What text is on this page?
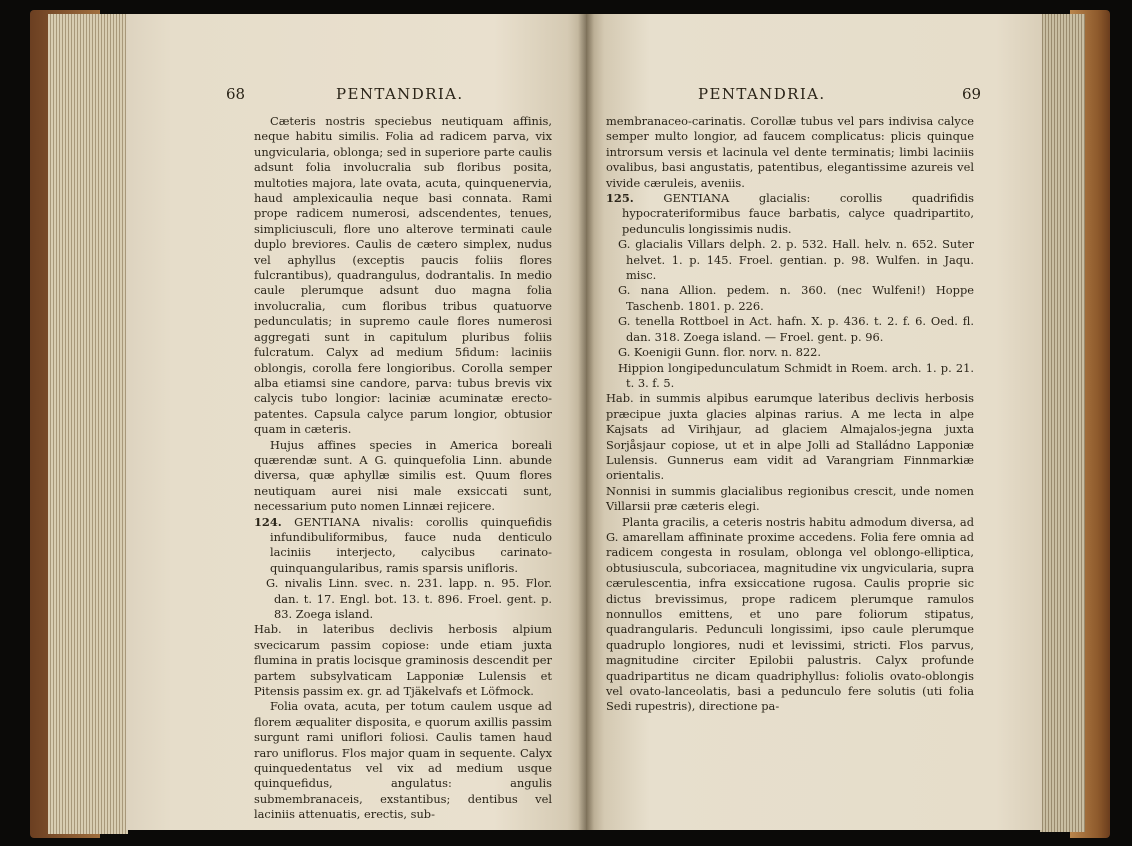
68	PENTANDRIA.

Cæteris nostris speciebus neutiquam affinis, neque habitu similis. Folia ad radicem parva, vix ungvicularia, oblonga; sed in superiore parte caulis adsunt folia involucralia sub floribus posita, multoties majora, late ovata, acuta, quinquenervia, haud amplexicaulia neque basi connata. Rami prope radicem numerosi, adscendentes, tenues, simpliciusculi, flore uno alterove terminati caule duplo breviores. Caulis de cætero simplex, nudus vel aphyllus (exceptis paucis foliis flores fulcrantibus), quadrangulus, dodrantalis. In medio caule plerumque adsunt duo magna folia involucralia, cum floribus tribus quatuorve pedunculatis; in supremo caule flores numerosi aggregati sunt in capitulum pluribus foliis fulcratum. Calyx ad medium 5fidum: laciniis oblongis, corolla fere longioribus. Corolla semper alba etiamsi sine candore, parva: tubus brevis vix calycis tubo longior: laciniæ acuminatæ erecto-patentes. Capsula calyce parum longior, obtusior quam in cæteris.

Hujus affines species in America boreali quærendæ sunt. A G. quinquefolia Linn. abunde diversa, quæ aphyllæ similis est. Quum flores neutiquam aurei nisi male exsiccati sunt, necessarium puto nomen Linnæi rejicere.

124. GENTIANA nivalis: corollis quinquefidis infundibuliformibus, fauce nuda denticulo laciniis interjecto, calycibus carinato-quinquangularibus, ramis sparsis unifloris.

G. nivalis Linn. svec. n. 231. lapp. n. 95. Flor. dan. t. 17. Engl. bot. 13. t. 896. Froel. gent. p. 83. Zoega island.

Hab. in lateribus declivis herbosis alpium svecicarum passim copiose: unde etiam juxta flumina in pratis locisque graminosis descendit per partem subsylvaticam Lapponiæ Lulensis et Pitensis passim ex. gr. ad Tjäkelvafs et Löfmock.

Folia ovata, acuta, per totum caulem usque ad florem æqualiter disposita, e quorum axillis passim surgunt rami uniflori foliosi. Caulis tamen haud raro uniflorus. Flos major quam in sequente. Calyx quinquedentatus vel vix ad medium usque quinquefidus, angulatus: angulis submembranaceis, exstantibus; dentibus vel laciniis attenuatis, erectis, sub-

PENTANDRIA.	69

membranaceo-carinatis. Corollæ tubus vel pars indivisa calyce semper multo longior, ad faucem complicatus: plicis quinque introrsum versis et lacinula vel dente terminatis; limbi laciniis ovalibus, basi angustatis, patentibus, elegantissime azureis vel vivide cæruleis, aveniis.

125.	GENTIANA glacialis: corollis quadrifidis hypocrateriformibus fauce barbatis, calyce quadripartito, pedunculis longissimis nudis.

G. glacialis Villars delph. 2. p. 532. Hall. helv. n. 652. Suter helvet. 1. p. 145. Froel. gentian. p. 98. Wulfen. in Jaqu. misc.

G. nana Allion. pedem. n. 360. (nec Wulfeni!) Hoppe Taschenb. 1801. p. 226.

G. tenella Rottboel in Act. hafn. X. p. 436. t. 2. f. 6. Oed. fl. dan. 318. Zoega island. — Froel. gent. p. 96.

G. Koenigii Gunn. flor. norv. n. 822.

Hippion longipedunculatum Schmidt in Roem. arch. 1. p. 21. t. 3. f. 5.

Hab. in summis alpibus earumque lateribus declivis herbosis præcipue juxta glacies alpinas rarius. A me lecta in alpe Kajsats ad Virihjaur, ad glaciem Almajalos-jegna juxta Sorjåsjaur copiose, ut et in alpe Jolli ad Stalládno Lapponiæ Lulensis. Gunnerus eam vidit ad Varangriam Finnmarkiæ orientalis.

Nonnisi in summis glacialibus regionibus crescit, unde nomen Villarsii præ cæteris elegi.

Planta gracilis, a ceteris nostris habitu admodum diversa, ad G. amarellam affininate proxime accedens. Folia fere omnia ad radicem congesta in rosulam, oblonga vel oblongo-elliptica, obtusiuscula, subcoriacea, magnitudine vix ungvicularia, supra cærulescentia, infra exsiccatione rugosa. Caulis proprie sic dictus brevissimus, prope radicem plerumque ramulos nonnullos emittens, et uno pare foliorum stipatus, quadrangularis. Pedunculi longissimi, ipso caule plerumque quadruplo longiores, nudi et levissimi, stricti. Flos parvus, magnitudine circiter Epilobii palustris. Calyx profunde quadripartitus ne dicam quadriphyllus: foliolis ovato-oblongis vel ovato-lanceolatis, basi a pedunculo fere solutis (uti folia Sedi rupestris), directione pa-
